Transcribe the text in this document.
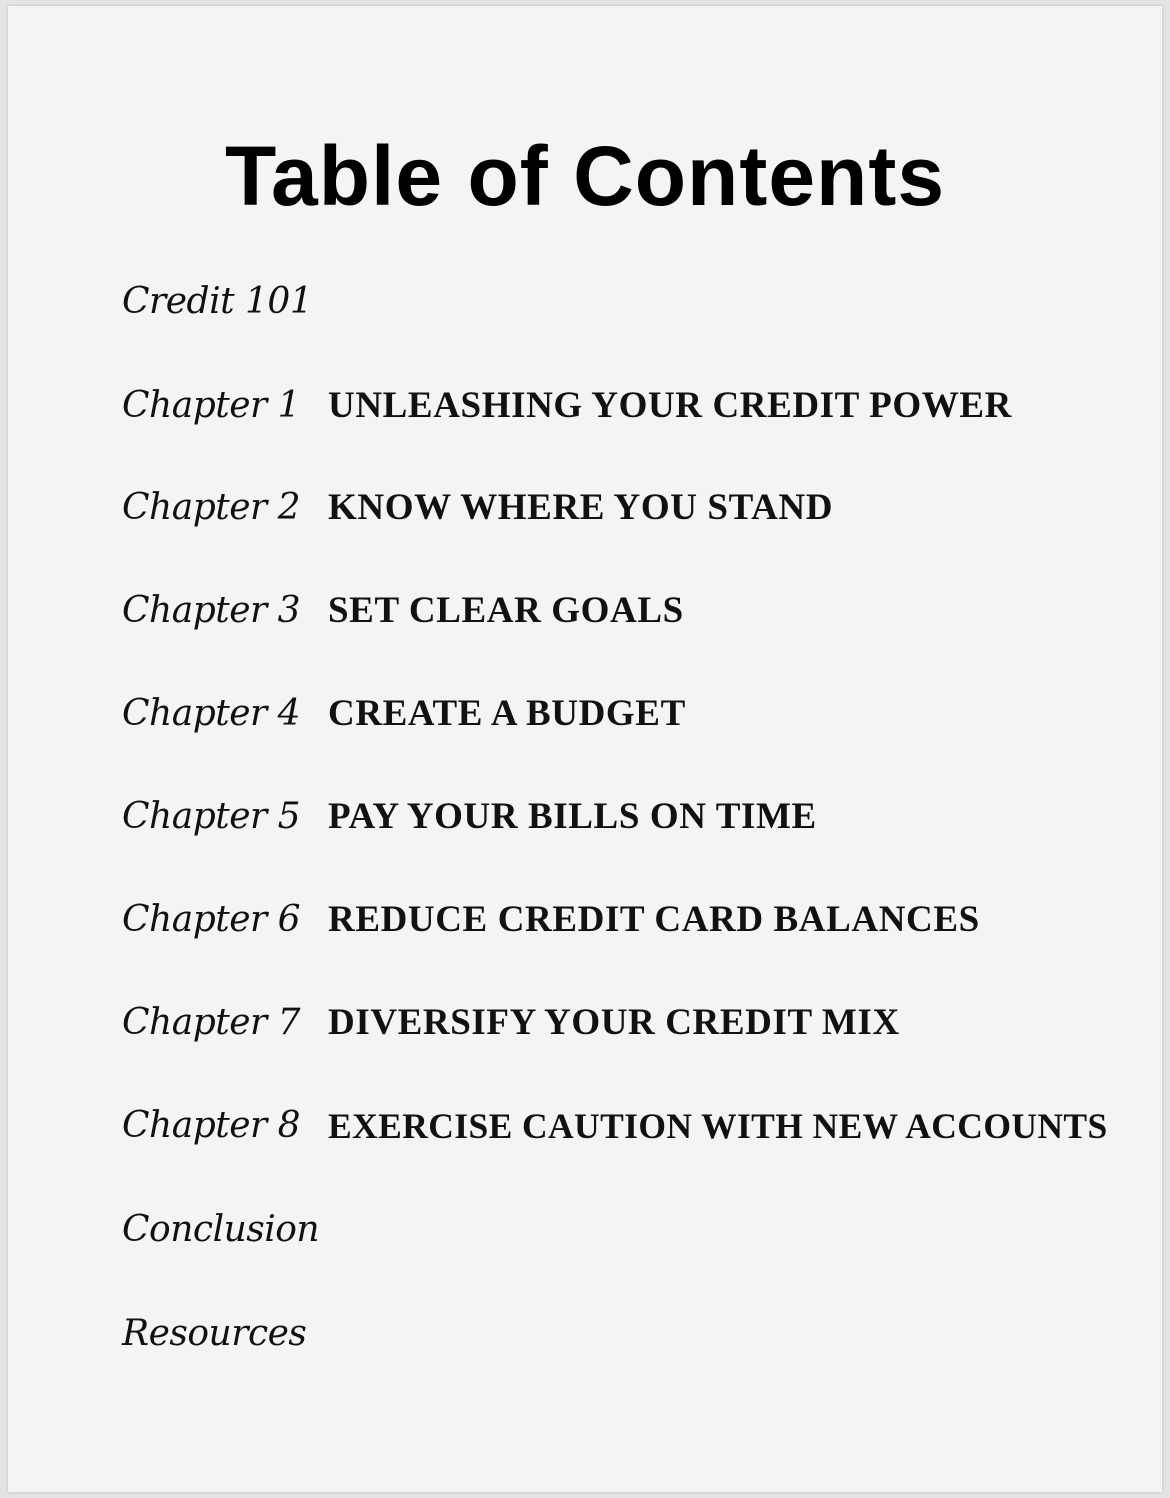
Table of Contents
Credit 101
Chapter 1 UNLEASHING YOUR CREDIT POWER
Chapter 2 KNOW WHERE YOU STAND
Chapter 3 SET CLEAR GOALS
Chapter 4 CREATE A BUDGET
Chapter 5 PAY YOUR BILLS ON TIME
Chapter 6 REDUCE CREDIT CARD BALANCES
Chapter 7 DIVERSIFY YOUR CREDIT MIX
Chapter 8 EXERCISE CAUTION WITH NEW ACCOUNTS
Conclusion
Resources
